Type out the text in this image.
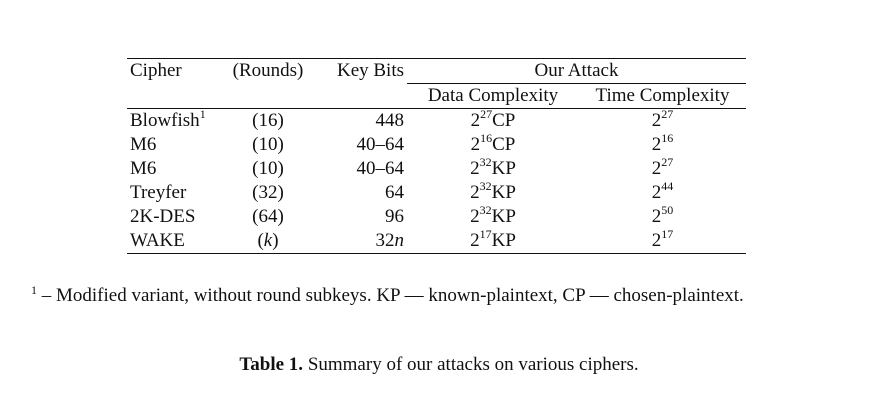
Cipher	(Rounds)	Key Bits	Our Attack	
			Data Complexity	Time Complexity
Blowfish$^1$	(16)	448	$2^{27}CP$	$2^{27}$
M6	(10)	40–64	$2^{16}CP$	$2^{16}$
M6	(10)	40–64	$2^{32}KP$	$2^{27}$
Treyfer	(32)	64	$2^{32}KP$	$2^{44}$
2K-DES	(64)	96	$2^{32}KP$	$2^{50}$
WAKE	(k)	32n	$2^{17}KP$	$2^{17}$
$^1$ – Modified variant, without round subkeys. KP — known-plaintext, CP — chosen-plaintext.
Table 1. Summary of our attacks on various ciphers.
